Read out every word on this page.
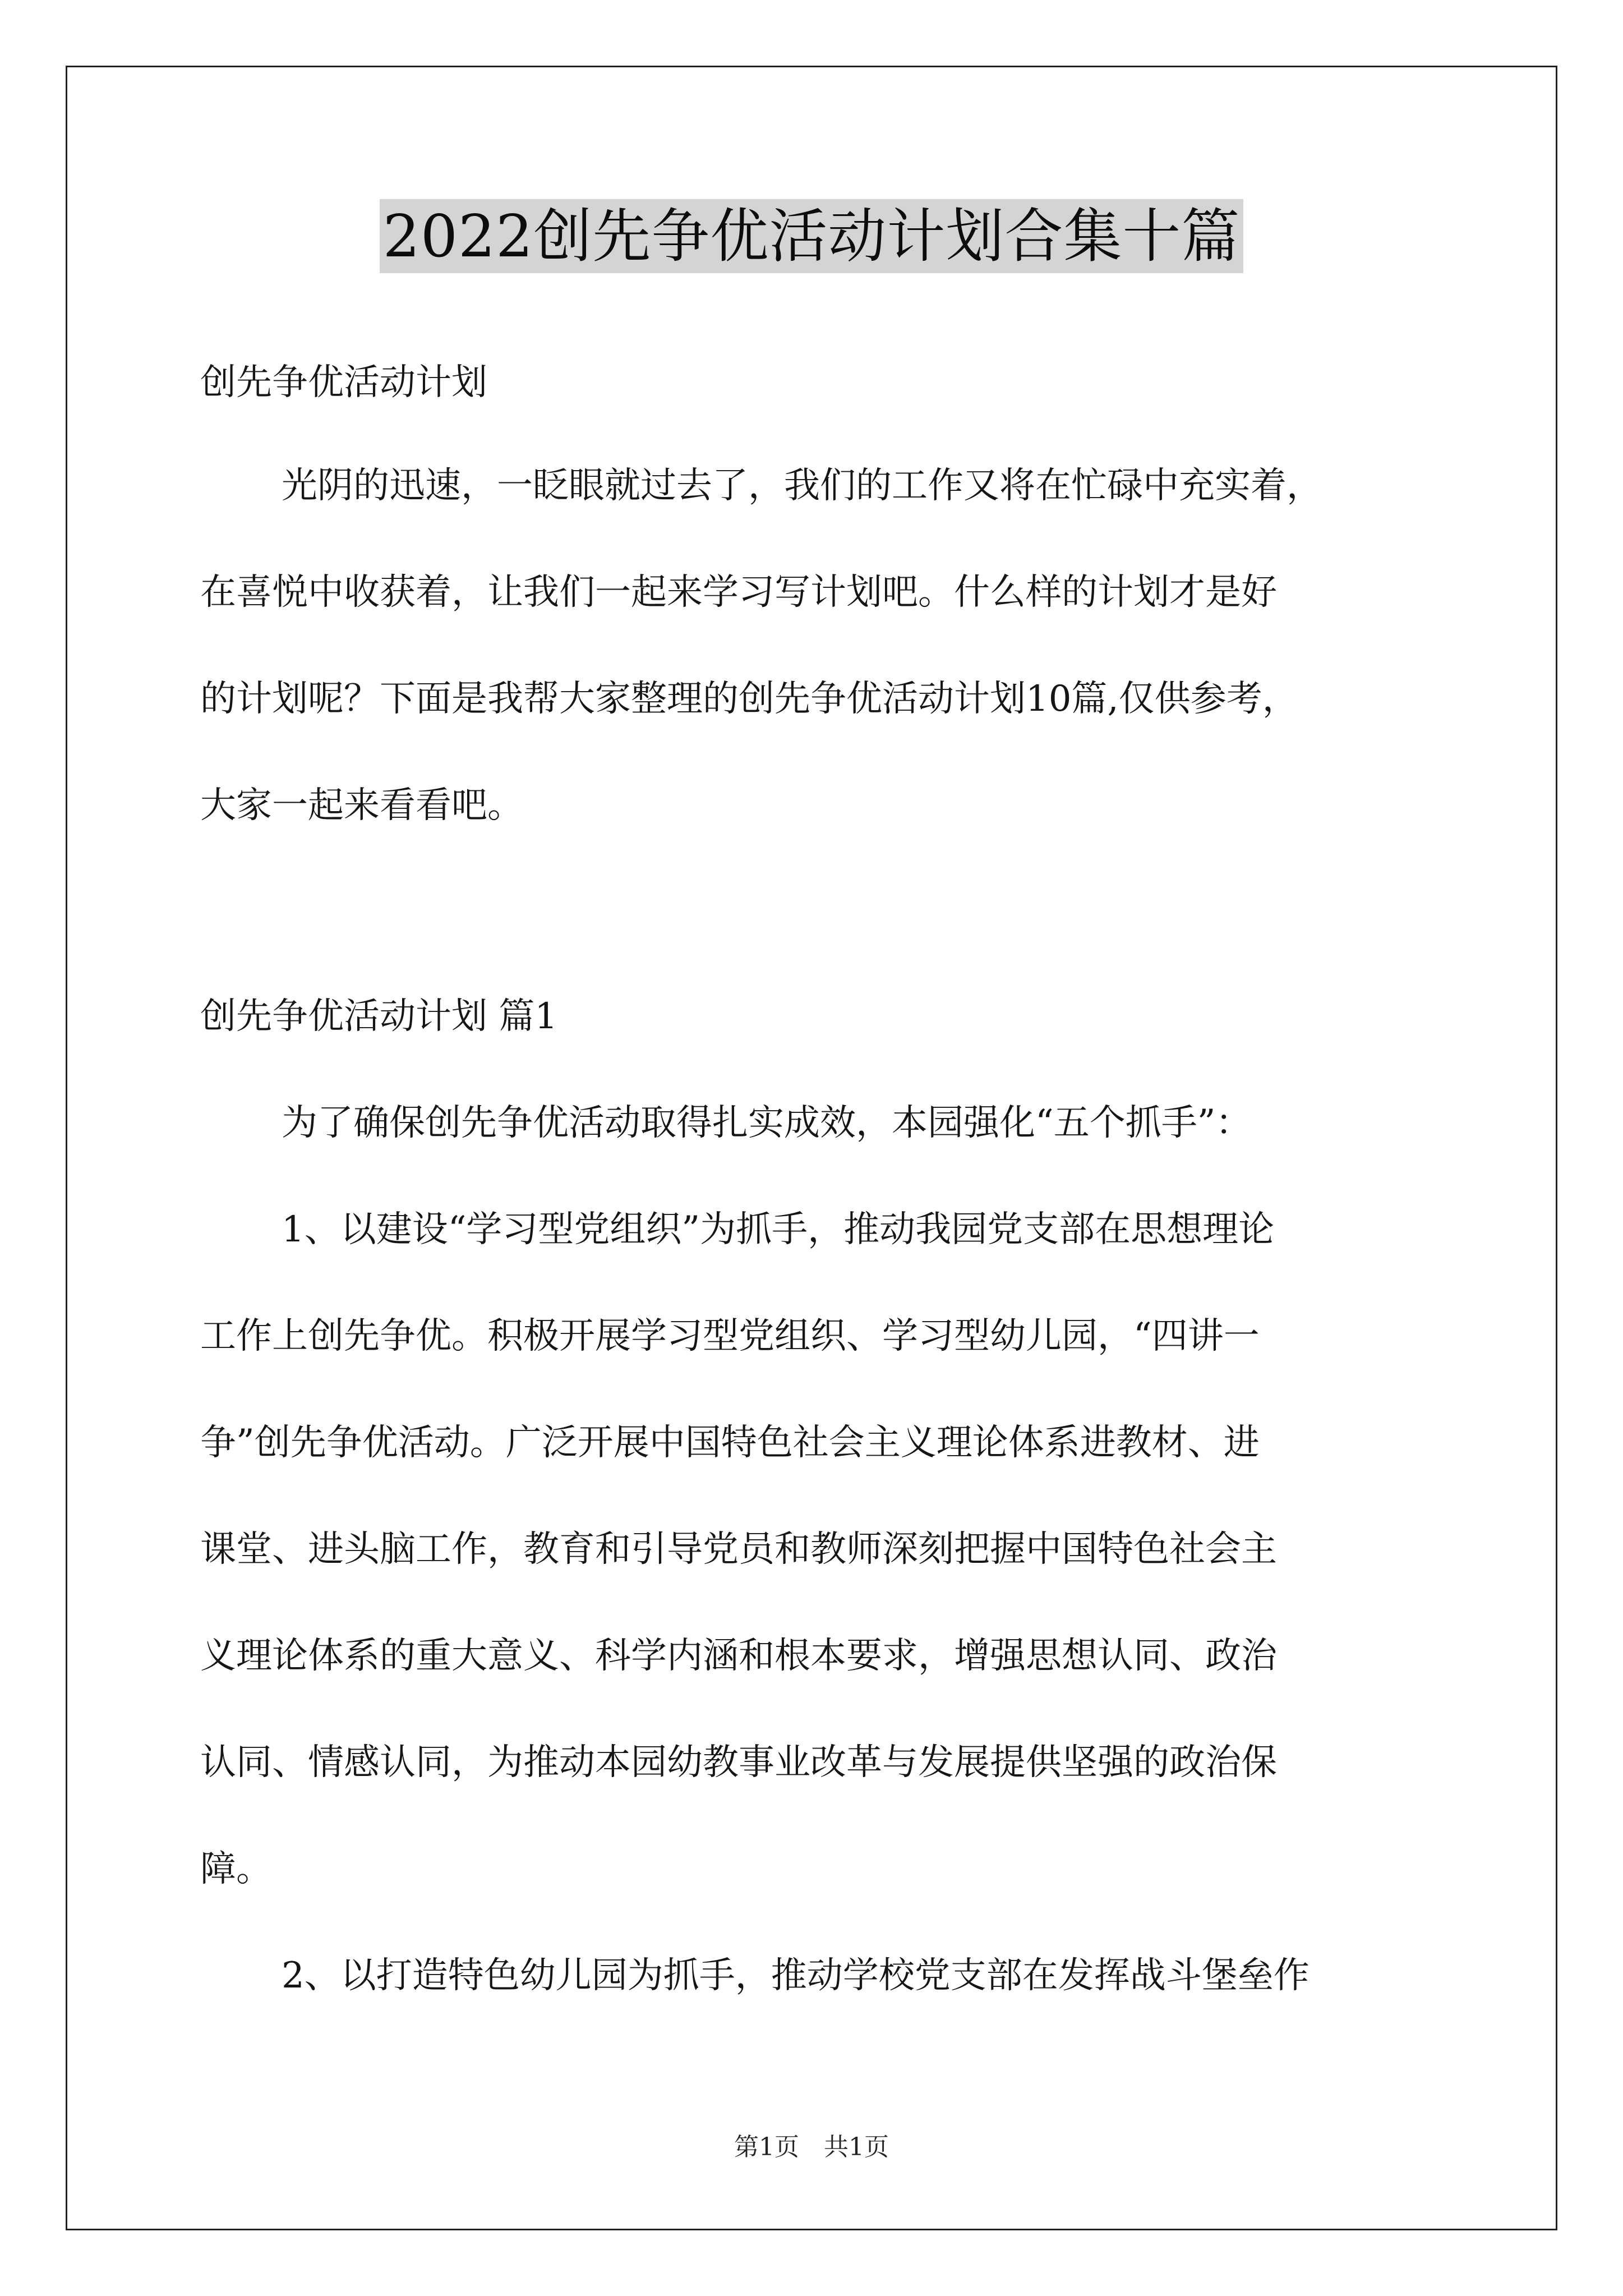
2022创先争优活动计划合集十篇
创先争优活动计划
光阴的迅速，一眨眼就过去了，我们的工作又将在忙碌中充实着，
在喜悦中收获着，让我们一起来学习写计划吧。什么样的计划才是好
的计划呢？下面是我帮大家整理的创先争优活动计划10篇,仅供参考，
大家一起来看看吧。
创先争优活动计划 篇1
为了确保创先争优活动取得扎实成效，本园强化“五个抓手”：
1、以建设“学习型党组织”为抓手，推动我园党支部在思想理论
工作上创先争优。积极开展学习型党组织、学习型幼儿园，“四讲一
争”创先争优活动。广泛开展中国特色社会主义理论体系进教材、进
课堂、进头脑工作，教育和引导党员和教师深刻把握中国特色社会主
义理论体系的重大意义、科学内涵和根本要求，增强思想认同、政治
认同、情感认同，为推动本园幼教事业改革与发展提供坚强的政治保
障。
2、以打造特色幼儿园为抓手，推动学校党支部在发挥战斗堡垒作
第1页　共1页
